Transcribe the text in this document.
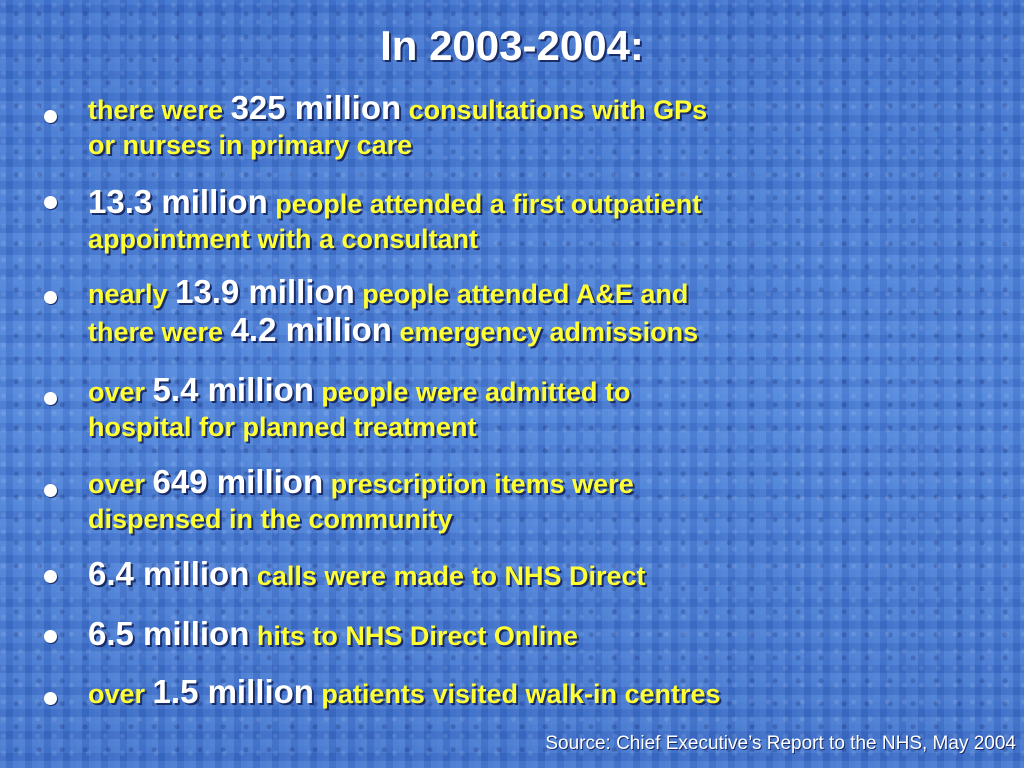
In 2003-2004:
there were 325 million consultations with GPs
or nurses in primary care
13.3 million people attended a first outpatient
appointment with a consultant
nearly 13.9 million people attended A&E and
there were 4.2 million emergency admissions
over 5.4 million people were admitted to
hospital for planned treatment
over 649 million prescription items were
dispensed in the community
6.4 million calls were made to NHS Direct
6.5 million hits to NHS Direct Online
over 1.5 million patients visited walk-in centres
Source: Chief Executive’s Report to the NHS, May 2004
